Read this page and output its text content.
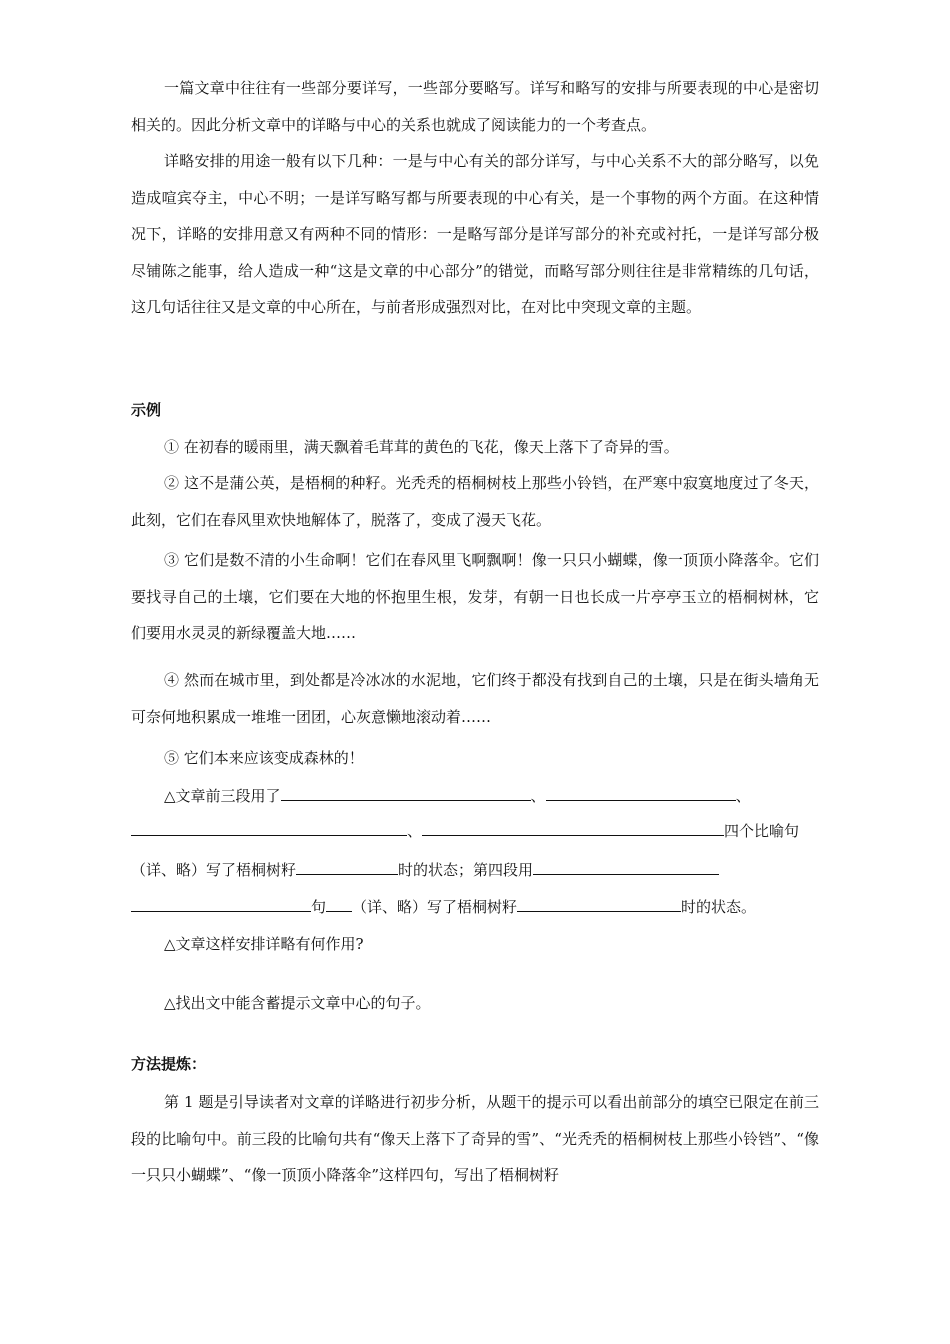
一篇文章中往往有一些部分要详写，一些部分要略写。详写和略写的安排与所要表现的中心是密切相关的。因此分析文章中的详略与中心的关系也就成了阅读能力的一个考查点。

详略安排的用途一般有以下几种：一是与中心有关的部分详写，与中心关系不大的部分略写，以免造成喧宾夺主，中心不明；一是详写略写都与所要表现的中心有关，是一个事物的两个方面。在这种情况下，详略的安排用意又有两种不同的情形：一是略写部分是详写部分的补充或衬托，一是详写部分极尽铺陈之能事，给人造成一种“这是文章的中心部分”的错觉，而略写部分则往往是非常精练的几句话，这几句话往往又是文章的中心所在，与前者形成强烈对比，在对比中突现文章的主题。

示例

① 在初春的暖雨里，满天飘着毛茸茸的黄色的飞花，像天上落下了奇异的雪。

② 这不是蒲公英，是梧桐的种籽。光秃秃的梧桐树枝上那些小铃铛，在严寒中寂寞地度过了冬天，此刻，它们在春风里欢快地解体了，脱落了，变成了漫天飞花。

③ 它们是数不清的小生命啊！它们在春风里飞啊飘啊！像一只只小蝴蝶，像一顶顶小降落伞。它们要找寻自己的土壤，它们要在大地的怀抱里生根，发芽，有朝一日也长成一片亭亭玉立的梧桐树林，它们要用水灵灵的新绿覆盖大地……

④ 然而在城市里，到处都是冷冰冰的水泥地，它们终于都没有找到自己的土壤，只是在街头墙角无可奈何地积累成一堆堆一团团，心灰意懒地滚动着……

⑤ 它们本来应该变成森林的！

△文章前三段用了	、	、
、	四个比喻句
（详、略）写了梧桐树籽	时的状态；第四段用
句 （详、略）写了梧桐树籽	时的状态。
△文章这样安排详略有何作用?
△找出文中能含蓄提示文章中心的句子。
方法提炼：

第 1 题是引导读者对文章的详略进行初步分析，从题干的提示可以看出前部分的填空已限定在前三段的比喻句中。前三段的比喻句共有“像天上落下了奇异的雪”、“光秃秃的梧桐树枝上那些小铃铛”、“像一只只小蝴蝶”、“像一顶顶小降落伞”这样四句，写出了梧桐树籽
